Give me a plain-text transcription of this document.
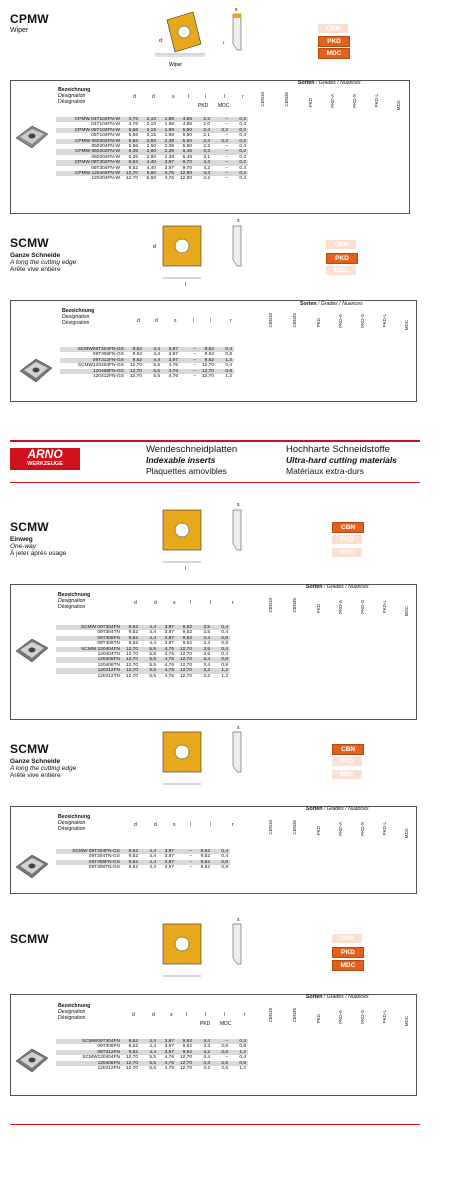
CPMW
Wiper
d
Wiper
s
r
CBN
PKD
MDC
Bezeichnung
Designation
Désignation
Sorten / Grades / Nuances
d	d	s	l	l	l	r
PKD MDC	CBN10	CBN35	PKD	PKD-A	PKD-S	PKD-L	MDC
CPMW 04T102FN-W	4,76	2,10	1,98	4,85	2,2	–	0,2
04T104FN-W	4,76	2,10	1,98	4,85	2,0	–	0,4
CPMW 05T102FN-W	5,56	2,15	1,98	5,50	2,4	2,2	0,2
05T104FN-W	5,56	2,15	1,98	5,50	2,1	–	0,4
CPMW 050202FN-W	5,56	2,50	2,38	5,50	2,4	2,2	0,2
050204FN-W	5,56	2,50	2,38	5,50	2,2	–	0,4
CPMW 060202FN-W	6,35	2,80	2,38	6,45	3,3	–	0,2
060204FN-W	6,35	2,80	2,38	6,45	3,1	–	0,4
CPMW 09T302FN-W	9,52	4,40	3,97	9,70	4,4	–	0,2
09T304FN-W	9,52	4,40	3,97	9,70	4,2	–	0,4
CPMW 120402FN-W	12,70	5,50	4,76	12,90	4,4	–	0,2
120404FN-W	12,70	5,50	4,76	12,90	4,2	–	0,4
SCMW
Ganze Schneide
A long the cutting edge
Arête vive entière
d
l
s
CBN
PKD
MDC
Bezeichnung
Designation
Désignation
Sorten / Grades / Nuances
d	d	s	l	l	r	CBN10	CBN35	PKD	PKD-A	PKD-S	PKD-L	MDC
SCMW09T304FN-GS	9,52	4,4	3,97	–	9,52	0,4
09T308FN-GS	9,52	4,4	3,97	–	9,52	0,8
09T312FN-GS	9,52	4,4	3,97	–	9,52	1,2
SCMW120404FN-GS	12,70	5,5	4,76	–	12,70	0,4
120408FN-GS	12,70	5,5	4,76	–	12,70	0,8
120412FN-GS	12,70	5,5	4,76	–	12,70	1,2
ARNO
WERKZEUGE
Wendeschneidplatten
Indexable inserts
Plaquettes amovibles
Hochharte Schneidstoffe
Ultra-hard cutting materials
Matériaux extra-durs
SCMW
Einweg
One-way
À jeter après usage
l
s
CBN
PKD
MDC
Bezeichnung
Designation
Désignation
Sorten / Grades / Nuances
d	d	s	l	l	r	CBN10	CBN35	PKD	PKD-A	PKD-S	PKD-L	MDC
SCMW 09T304FN	9,52	4,4	3,97	9,52	3,5	0,4
09T304TN	9,52	4,4	3,97	9,52	3,5	0,4
09T308FN	9,52	4,4	3,97	9,52	3,4	0,8
09T308TN	9,52	4,4	3,97	9,52	3,4	0,8
SCMW 120404FN	12,70	5,5	4,76	12,70	3,5	0,4
120404TN	12,70	5,5	4,76	12,70	3,5	0,4
120408FN	12,70	5,5	4,76	12,70	3,4	0,8
120408TN	12,70	5,5	4,76	12,70	3,4	0,8
120412FN	12,70	5,5	4,76	12,70	3,2	1,2
120412TN	12,70	5,5	4,76	12,70	3,2	1,2
SCMW
Ganze Schneide
A long the cutting edge
Arête vive entière
s
CBN
PKD
MDC
Bezeichnung
Designation
Désignation
Sorten / Grades / Nuances
d	d	s	l	l	r	CBN10	CBN35	PKD	PKD-A	PKD-S	PKD-L	MDC
SCMW 09T304FN-GS	9,52	4,4	3,97	–	9,52	0,4
09T304TN-GS	9,52	4,4	3,97	–	9,52	0,4
09T308FN-GS	9,52	4,4	3,97	–	9,52	0,8
09T308TN-GS	9,52	4,4	3,97	–	9,52	0,8
SCMW
s
CBN
PKD
MDC
Bezeichnung
Designation
Désignation
Sorten / Grades / Nuances
d	d	s	l	l	l	r
PKD MDC
CBN10	CBN35	PKD	PKD-A	PKD-S	PKD-L	MDC
SCMW09T304FN	9,52	4,4	3,97	9,52	4,4	–	0,4
09T308FN	9,52	4,4	3,97	9,52	4,3	2,6	0,8
09T312FN	9,52	4,4	3,97	9,52	4,2	2,6	1,2
SCMW120404FN	12,70	5,5	4,76	12,70	4,4	–	0,4
120408FN	12,70	5,5	4,76	12,70	4,3	2,6	0,8
120412FN	12,70	5,5	4,76	12,70	4,2	2,5	1,2
